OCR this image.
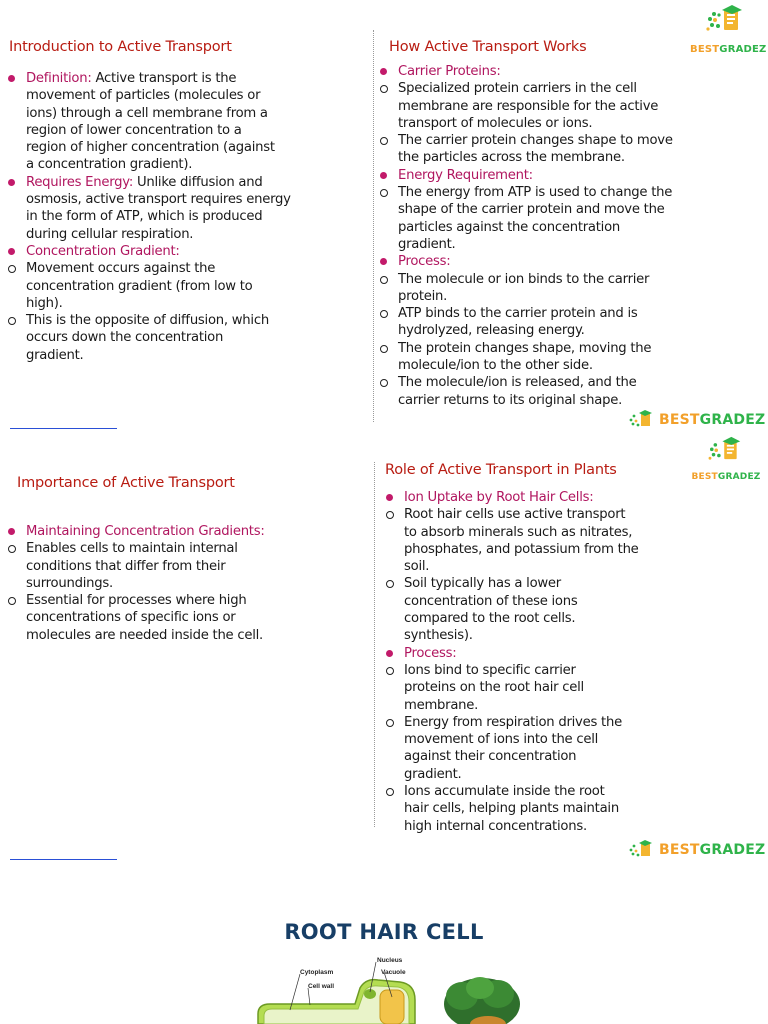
BESTGRADEZ
Introduction to Active Transport
Definition: Active transport is the
movement of particles (molecules or
ions) through a cell membrane from a
region of lower concentration to a
region of higher concentration (against
a concentration gradient).
Requires Energy: Unlike diffusion and
osmosis, active transport requires energy
in the form of ATP, which is produced
during cellular respiration.
Concentration Gradient:
Movement occurs against the
concentration gradient (from low to
high).
This is the opposite of diffusion, which
occurs down the concentration
gradient.
How Active Transport Works
Carrier Proteins:
Specialized protein carriers in the cell
membrane are responsible for the active
transport of molecules or ions.
The carrier protein changes shape to move
the particles across the membrane.
Energy Requirement:
The energy from ATP is used to change the
shape of the carrier protein and move the
particles against the concentration
gradient.
Process:
The molecule or ion binds to the carrier
protein.
ATP binds to the carrier protein and is
hydrolyzed, releasing energy.
The protein changes shape, moving the
molecule/ion to the other side.
The molecule/ion is released, and the
carrier returns to its original shape.
BESTGRADEZ
Importance of Active Transport
Maintaining Concentration Gradients:
Enables cells to maintain internal
conditions that differ from their
surroundings.
Essential for processes where high
concentrations of specific ions or
molecules are needed inside the cell.
Role of Active Transport in Plants
Ion Uptake by Root Hair Cells:
Root hair cells use active transport
to absorb minerals such as nitrates,
phosphates, and potassium from the
soil.
Soil typically has a lower
concentration of these ions
compared to the root cells.
synthesis).
Process:
Ions bind to specific carrier
proteins on the root hair cell
membrane.
Energy from respiration drives the
movement of ions into the cell
against their concentration
gradient.
Ions accumulate inside the root
hair cells, helping plants maintain
high internal concentrations.
BESTGRADEZ
BESTGRADEZ
ROOT HAIR CELL
Nucleus
Vacuole
Cytoplasm
Cell wall
